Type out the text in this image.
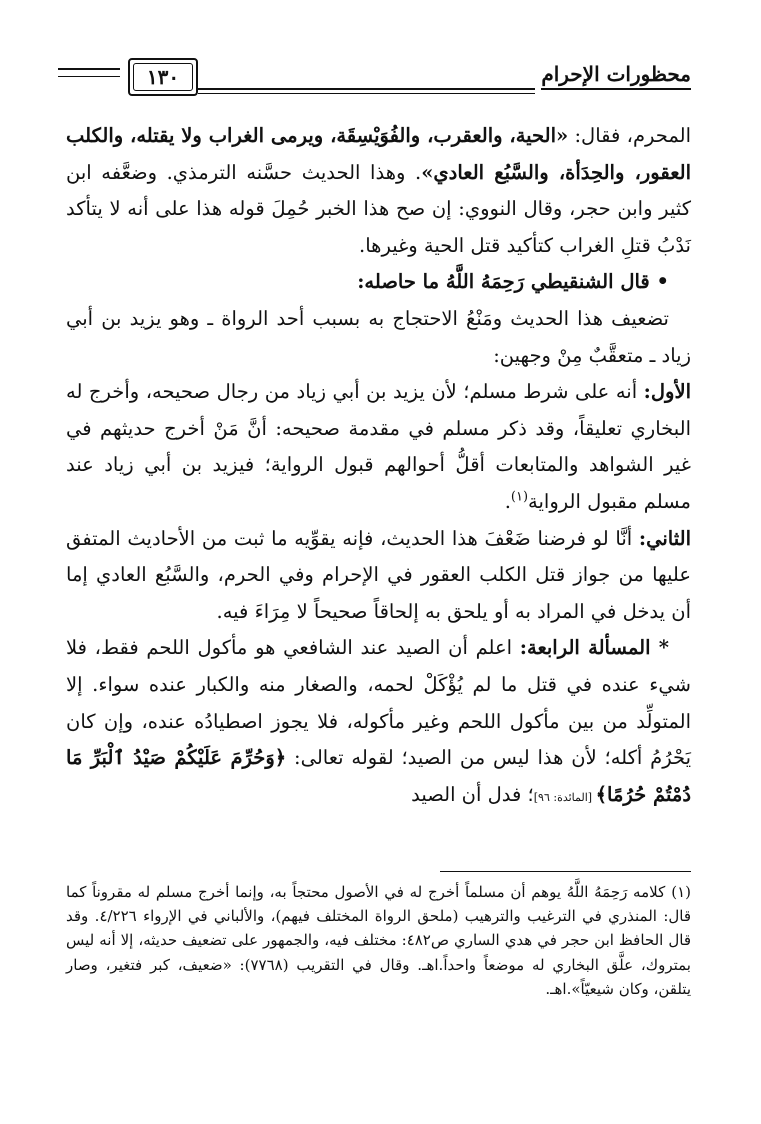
محظورات الإحرام
١٣٠

المحرم، فقال: «الحية، والعقرب، والفُوَيْسِقَة، ويرمى الغراب ولا يقتله، والكلب العقور، والحِدَأة، والسَّبُع العادي». وهذا الحديث حسَّنه الترمذي. وضعَّفه ابن كثير وابن حجر، وقال النووي: إن صح هذا الخبر حُمِلَ قوله هذا على أنه لا يتأكد نَدْبُ قتلِ الغراب كتأكيد قتل الحية وغيرها.

• قال الشنقيطي رَحِمَهُ اللَّهُ ما حاصله:

تضعيف هذا الحديث ومَنْعُ الاحتجاج به بسبب أحد الرواة ـ وهو يزيد بن أبي زياد ـ متعقَّبٌ مِنْ وجهين:

الأول: أنه على شرط مسلم؛ لأن يزيد بن أبي زياد من رجال صحيحه، وأخرج له البخاري تعليقاً، وقد ذكر مسلم في مقدمة صحيحه: أنَّ مَنْ أخرج حديثهم في غير الشواهد والمتابعات أقلُّ أحوالهم قبول الرواية؛ فيزيد بن أبي زياد عند مسلم مقبول الرواية$^{(١)}$.

الثاني: أنَّا لو فرضنا ضَعْفَ هذا الحديث، فإنه يقوِّيه ما ثبت من الأحاديث المتفق عليها من جواز قتل الكلب العقور في الإحرام وفي الحرم، والسَّبُع العادي إما أن يدخل في المراد به أو يلحق به إلحاقاً صحيحاً لا مِرَاءَ فيه.

* المسألة الرابعة: اعلم أن الصيد عند الشافعي هو مأكول اللحم فقط، فلا شيء عنده في قتل ما لم يُؤْكَلْ لحمه، والصغار منه والكبار عنده سواء. إلا المتولِّد من بين مأكول اللحم وغير مأكوله، فلا يجوز اصطيادُه عنده، وإن كان يَحْرُمُ أكله؛ لأن هذا ليس من الصيد؛ لقوله تعالى: ﴿وَحُرِّمَ عَلَيْكُمْ صَيْدُ ٱلْبَرِّ مَا دُمْتُمْ حُرُمًا﴾ [المائدة: ٩٦]؛ فدل أن الصيد

(١)كلامه رَحِمَهُ اللَّهُ يوهم أن مسلماً أخرج له في الأصول محتجاً به، وإنما أخرج مسلم له مقروناً كما قال: المنذري في الترغيب والترهيب (ملحق الرواة المختلف فيهم)، والألباني في الإرواء ٤/٢٢٦. وقد قال الحافظ ابن حجر في هدي الساري ص٤٨٢: مختلف فيه، والجمهور على تضعيف حديثه، إلا أنه ليس بمتروك، علَّق البخاري له موضعاً واحداً.اهـ. وقال في التقريب (٧٧٦٨): «ضعيف، كبر فتغير، وصار يتلقن، وكان شيعيّاً».اهـ.
